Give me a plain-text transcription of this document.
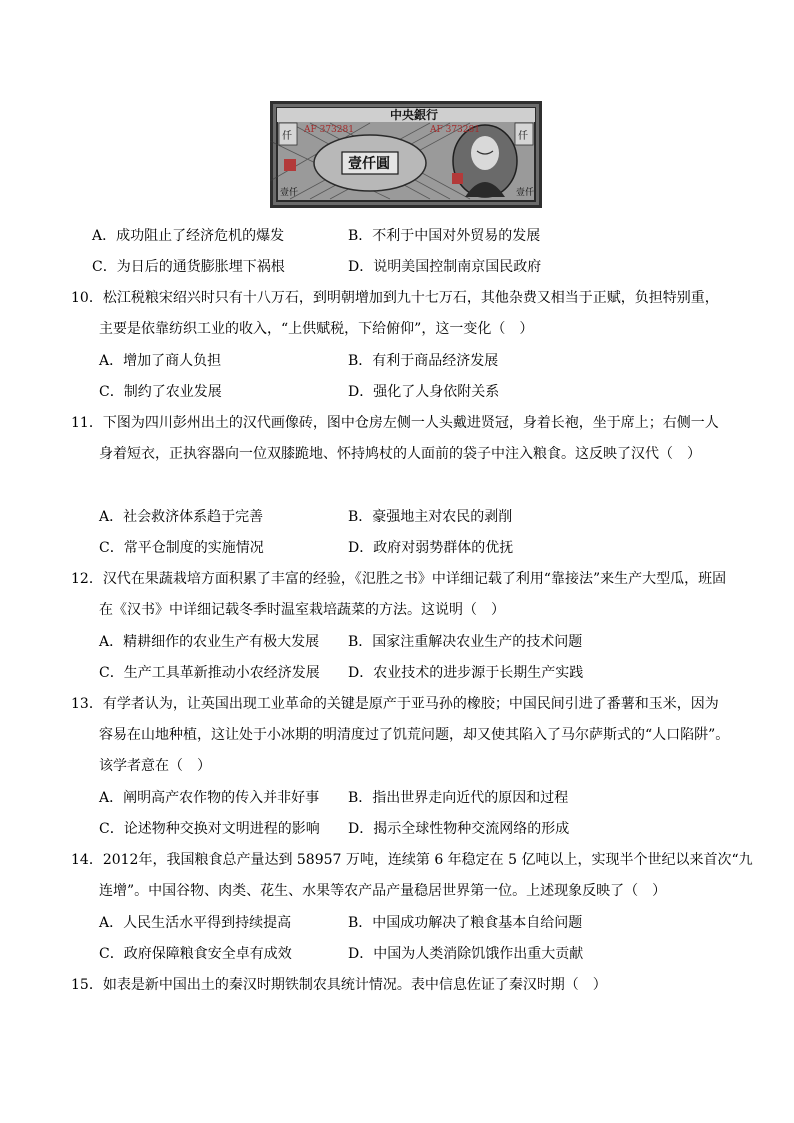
中央銀行
AF 373281	AF 373281
壹仟圓
仟	仟
壹仟	壹仟
A．成功阻止了经济危机的爆发	B．不利于中国对外贸易的发展
C．为日后的通货膨胀埋下祸根	D．说明美国控制南京国民政府
10．松江税粮宋绍兴时只有十八万石，到明朝增加到九十七万石，其他杂费又相当于正赋，负担特别重，
主要是依靠纺织工业的收入，“上供赋税，下给俯仰”，这一变化（　）
A．增加了商人负担	B．有利于商品经济发展
C．制约了农业发展	D．强化了人身依附关系
11．下图为四川彭州出土的汉代画像砖，图中仓房左侧一人头戴进贤冠，身着长袍，坐于席上；右侧一人
身着短衣，正执容器向一位双膝跪地、怀持鸠杖的人面前的袋子中注入粮食。这反映了汉代（　）
A．社会救济体系趋于完善	B．豪强地主对农民的剥削
C．常平仓制度的实施情况	D．政府对弱势群体的优抚
12．汉代在果蔬栽培方面积累了丰富的经验，《氾胜之书》中详细记载了利用“靠接法”来生产大型瓜，班固
在《汉书》中详细记载冬季时温室栽培蔬菜的方法。这说明（　）
A．精耕细作的农业生产有极大发展 B．国家注重解决农业生产的技术问题
C．生产工具革新推动小农经济发展 D．农业技术的进步源于长期生产实践
13．有学者认为，让英国出现工业革命的关键是原产于亚马孙的橡胶；中国民间引进了番薯和玉米，因为
容易在山地种植，这让处于小冰期的明清度过了饥荒问题，却又使其陷入了马尔萨斯式的“人口陷阱”。
该学者意在（　）
A．阐明高产农作物的传入并非好事 B．指出世界走向近代的原因和过程
C．论述物种交换对文明进程的影响 D．揭示全球性物种交流网络的形成
14．2012年，我国粮食总产量达到 58957 万吨，连续第 6 年稳定在 5 亿吨以上，实现半个世纪以来首次“九
连增”。中国谷物、肉类、花生、水果等农产品产量稳居世界第一位。上述现象反映了（　）
A．人民生活水平得到持续提高	B．中国成功解决了粮食基本自给问题
C．政府保障粮食安全卓有成效	D．中国为人类消除饥饿作出重大贡献
15．如表是新中国出土的秦汉时期铁制农具统计情况。表中信息佐证了秦汉时期（　）
